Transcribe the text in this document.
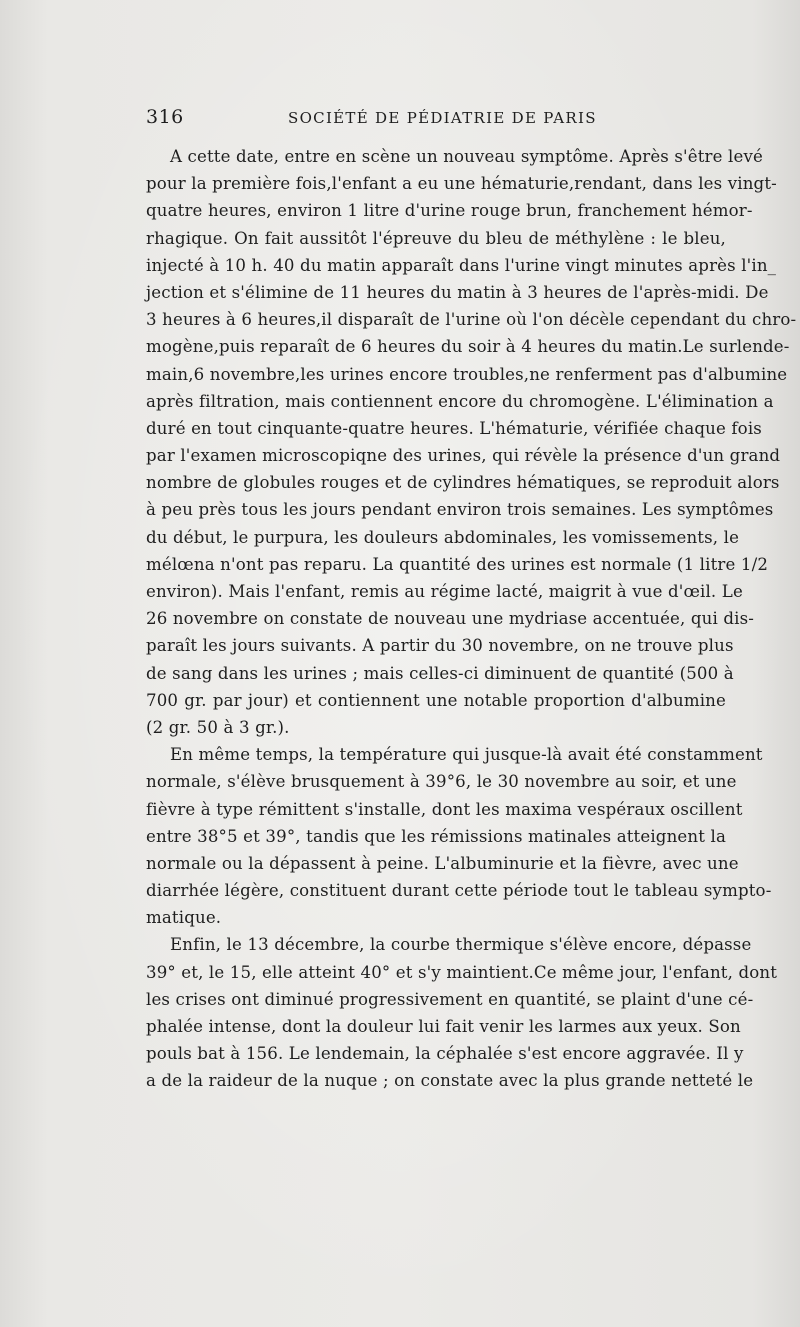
316	SOCIÉTÉ DE PÉDIATRIE DE PARIS
A cette date, entre en scène un nouveau symptôme. Après s'être levé
pour la première fois,l'enfant a eu une hématurie,rendant, dans les vingt-
quatre heures, environ 1 litre d'urine rouge brun, franchement hémor-
rhagique. On fait aussitôt l'épreuve du bleu de méthylène : le bleu,
injecté à 10 h. 40 du matin apparaît dans l'urine vingt minutes après l'in_
jection et s'élimine de 11 heures du matin à 3 heures de l'après-midi. De
3 heures à 6 heures,il disparaît de l'urine où l'on décèle cependant du chro-
mogène,puis reparaît de 6 heures du soir à 4 heures du matin.Le surlende-
main,6 novembre,les urines encore troubles,ne renferment pas d'albumine
après filtration, mais contiennent encore du chromogène. L'élimination a
duré en tout cinquante-quatre heures. L'hématurie, vérifiée chaque fois
par l'examen microscopiqne des urines, qui révèle la présence d'un grand
nombre de globules rouges et de cylindres hématiques, se reproduit alors
à peu près tous les jours pendant environ trois semaines. Les symptômes
du début, le purpura, les douleurs abdominales, les vomissements, le
mélœna n'ont pas reparu. La quantité des urines est normale (1 litre 1/2
environ). Mais l'enfant, remis au régime lacté, maigrit à vue d'œil. Le
26 novembre on constate de nouveau une mydriase accentuée, qui dis-
paraît les jours suivants. A partir du 30 novembre, on ne trouve plus
de sang dans les urines ; mais celles-ci diminuent de quantité (500 à
700 gr. par jour) et contiennent une notable proportion d'albumine
(2 gr. 50 à 3 gr.).
En même temps, la température qui jusque-là avait été constamment
normale, s'élève brusquement à 39°6, le 30 novembre au soir, et une
fièvre à type rémittent s'installe, dont les maxima vespéraux oscillent
entre 38°5 et 39°, tandis que les rémissions matinales atteignent la
normale ou la dépassent à peine. L'albuminurie et la fièvre, avec une
diarrhée légère, constituent durant cette période tout le tableau sympto-
matique.
Enfin, le 13 décembre, la courbe thermique s'élève encore, dépasse
39° et, le 15, elle atteint 40° et s'y maintient.Ce même jour, l'enfant, dont
les crises ont diminué progressivement en quantité, se plaint d'une cé-
phalée intense, dont la douleur lui fait venir les larmes aux yeux. Son
pouls bat à 156. Le lendemain, la céphalée s'est encore aggravée. Il y
a de la raideur de la nuque ; on constate avec la plus grande netteté le
